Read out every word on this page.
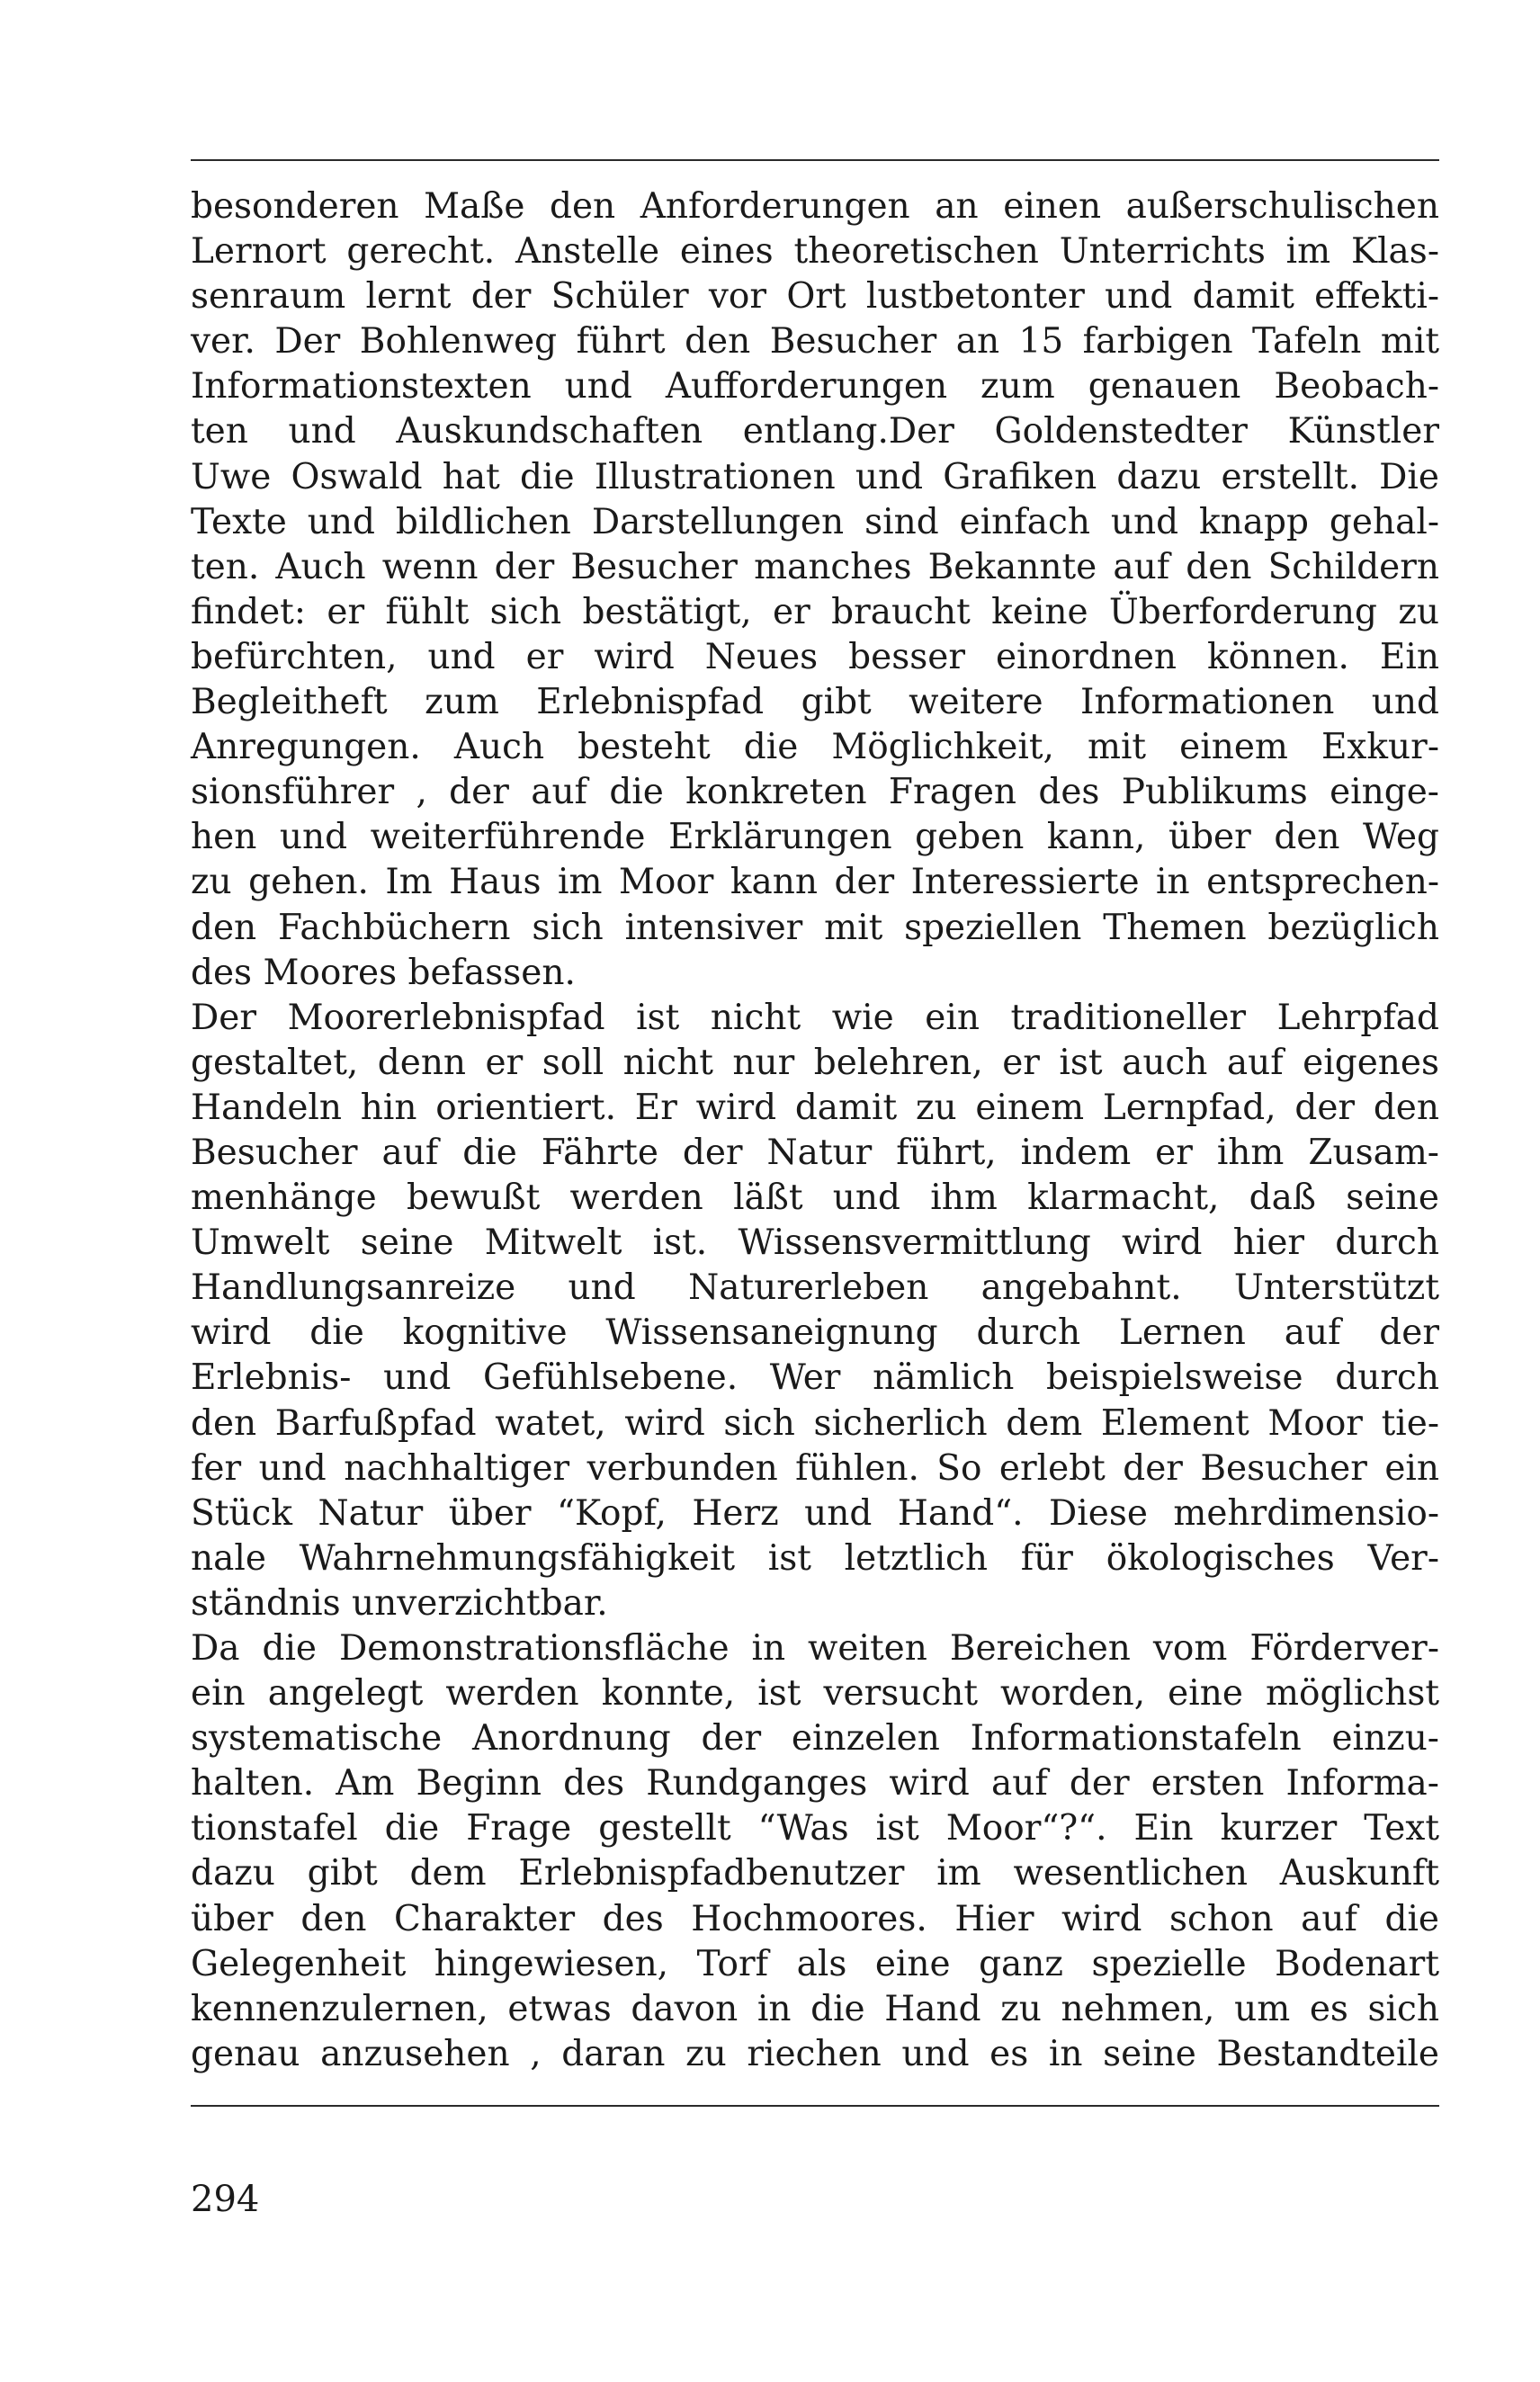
besonderen Maße den Anforderungen an einen außerschulischen
Lernort gerecht. Anstelle eines theoretischen Unterrichts im Klas-
senraum lernt der Schüler vor Ort lustbetonter und damit effekti-
ver. Der Bohlenweg führt den Besucher an 15 farbigen Tafeln mit
Informationstexten und Aufforderungen zum genauen Beobach-
ten und Auskundschaften entlang.Der Goldenstedter Künstler
Uwe Oswald hat die Illustrationen und Grafiken dazu erstellt. Die
Texte und bildlichen Darstellungen sind einfach und knapp gehal-
ten. Auch wenn der Besucher manches Bekannte auf den Schildern
findet: er fühlt sich bestätigt, er braucht keine Überforderung zu
befürchten, und er wird Neues besser einordnen können. Ein
Begleitheft zum Erlebnispfad gibt weitere Informationen und
Anregungen. Auch besteht die Möglichkeit, mit einem Exkur-
sionsführer , der auf die konkreten Fragen des Publikums einge-
hen und weiterführende Erklärungen geben kann, über den Weg
zu gehen. Im Haus im Moor kann der Interessierte in entsprechen-
den Fachbüchern sich intensiver mit speziellen Themen bezüglich
des Moores befassen.
Der Moorerlebnispfad ist nicht wie ein traditioneller Lehrpfad
gestaltet, denn er soll nicht nur belehren, er ist auch auf eigenes
Handeln hin orientiert. Er wird damit zu einem Lernpfad, der den
Besucher auf die Fährte der Natur führt, indem er ihm Zusam-
menhänge bewußt werden läßt und ihm klarmacht, daß seine
Umwelt seine Mitwelt ist. Wissensvermittlung wird hier durch
Handlungsanreize und Naturerleben angebahnt. Unterstützt
wird die kognitive Wissensaneignung durch Lernen auf der
Erlebnis- und Gefühlsebene. Wer nämlich beispielsweise durch
den Barfußpfad watet, wird sich sicherlich dem Element Moor tie-
fer und nachhaltiger verbunden fühlen. So erlebt der Besucher ein
Stück Natur über “Kopf, Herz und Hand“. Diese mehrdimensio-
nale Wahrnehmungsfähigkeit ist letztlich für ökologisches Ver-
ständnis unverzichtbar.
Da die Demonstrationsfläche in weiten Bereichen vom Förderver-
ein angelegt werden konnte, ist versucht worden, eine möglichst
systematische Anordnung der einzelen Informationstafeln einzu-
halten. Am Beginn des Rundganges wird auf der ersten Informa-
tionstafel die Frage gestellt “Was ist Moor“?“. Ein kurzer Text
dazu gibt dem Erlebnispfadbenutzer im wesentlichen Auskunft
über den Charakter des Hochmoores. Hier wird schon auf die
Gelegenheit hingewiesen, Torf als eine ganz spezielle Bodenart
kennenzulernen, etwas davon in die Hand zu nehmen, um es sich
genau anzusehen , daran zu riechen und es in seine Bestandteile
294
